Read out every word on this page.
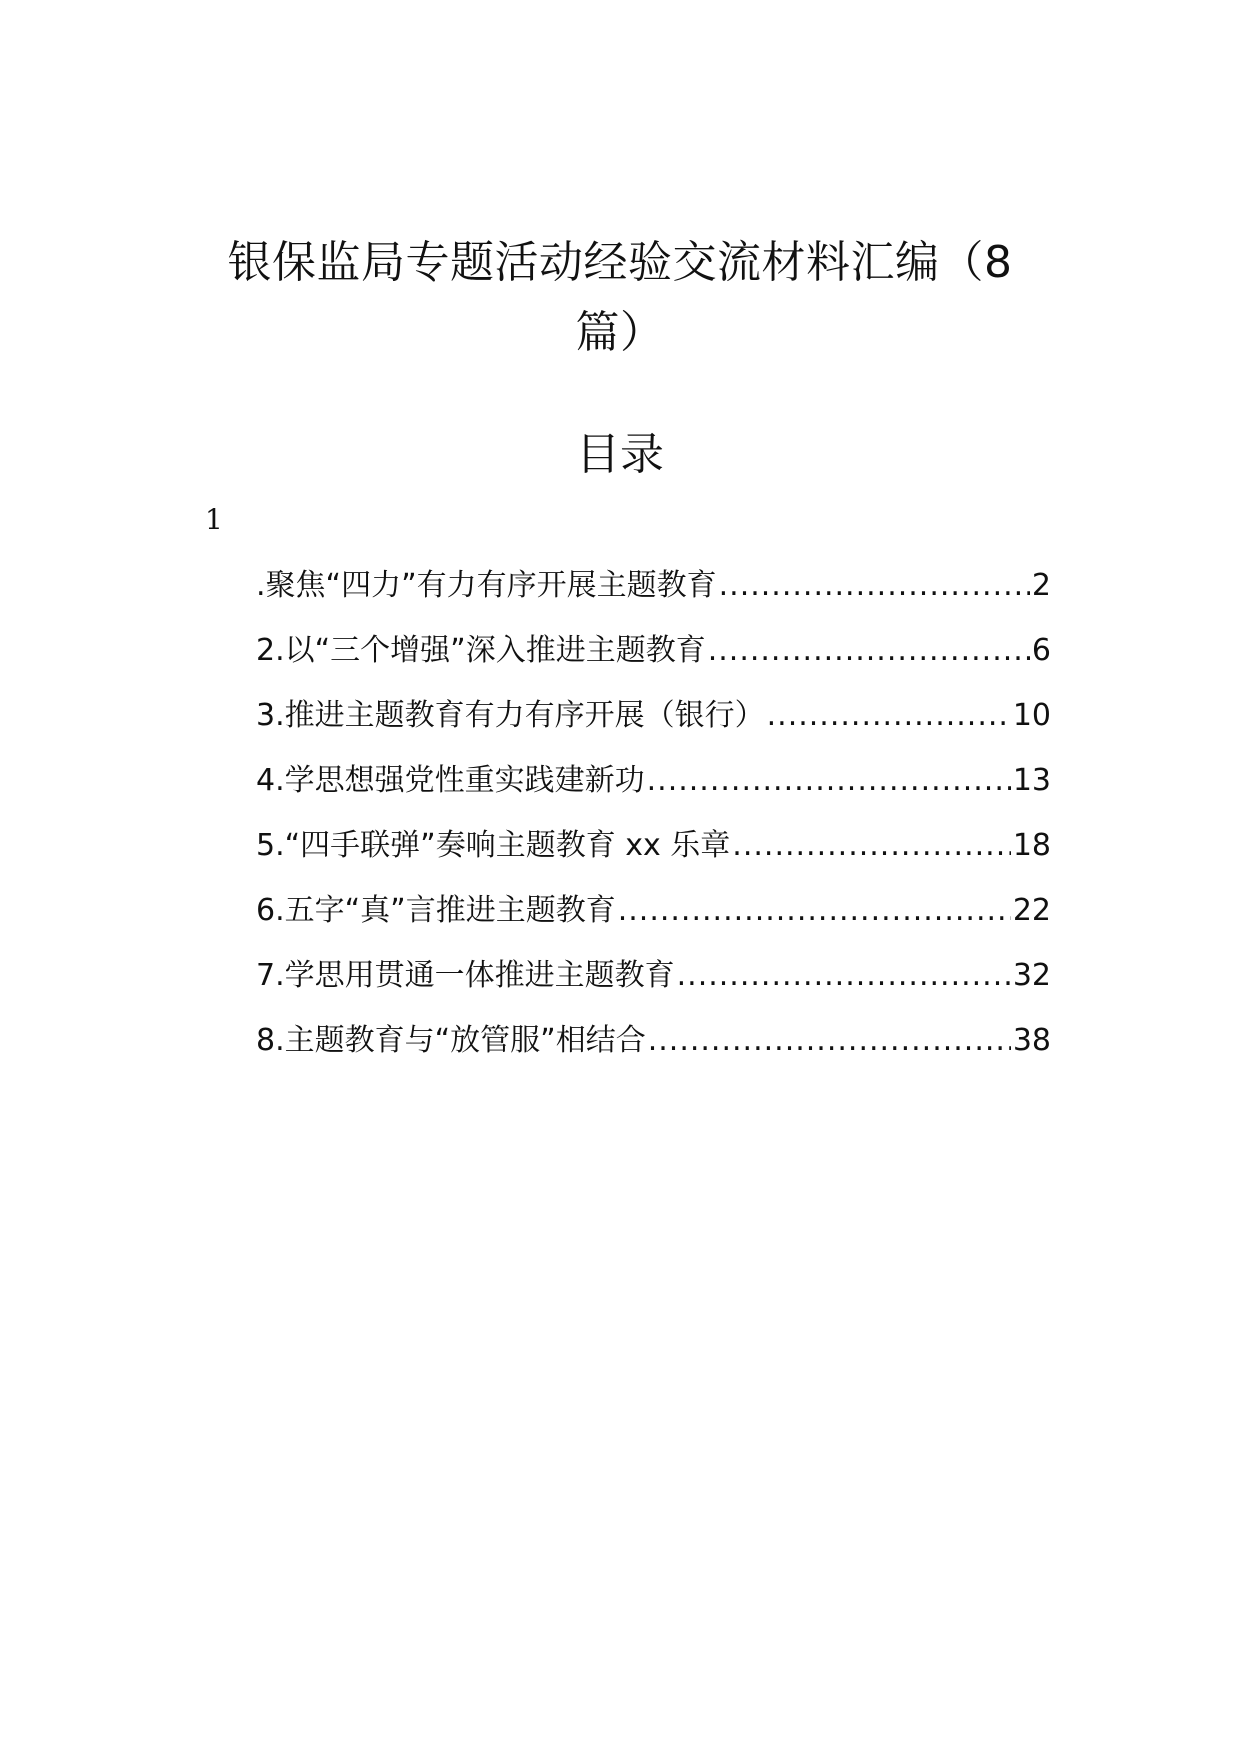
银保监局专题活动经验交流材料汇编（8
篇）
目录
1
.聚焦“四力”有力有序开展主题教育 .....	2
2.以“三个增强”深入推进主题教育 .....	6
3.推进主题教育有力有序开展（银行） .....	10
4.学思想强党性重实践建新功 .....	13
5.“四手联弹”奏响主题教育 xx 乐章 .....	18
6.五字“真”言推进主题教育 .....	22
7.学思用贯通一体推进主题教育 .....	32
8.主题教育与“放管服”相结合 .....	38
